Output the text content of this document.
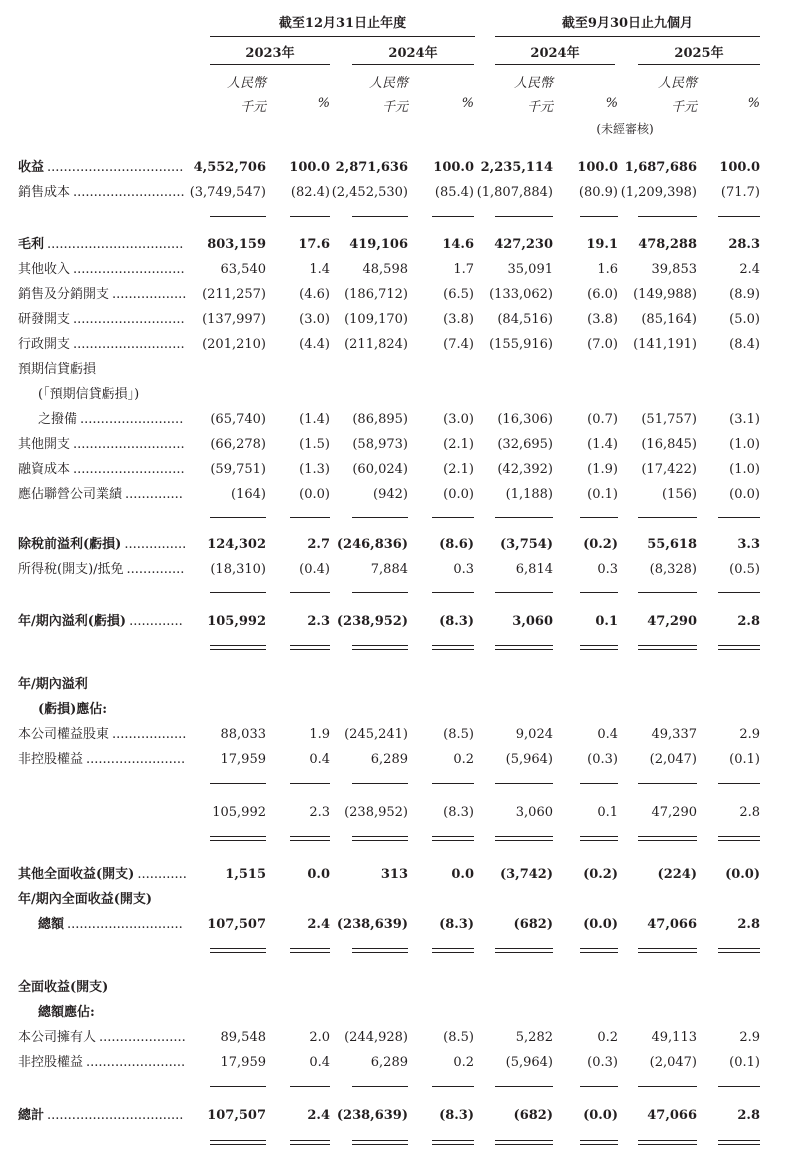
截至12月31日止年度	截至9月30日止九個月
2023年	2024年	2024年	2025年
人民幣	人民幣	人民幣	人民幣
千元	%	千元	%	千元	%	千元	%
(未經審核)
收益 ................................. 4,552,706	100.0 2,871,636	100.0 2,235,114	100.0 1,687,686	100.0
銷售成本 ........................... (3,749,547)	(82.4) (2,452,530)	(85.4) (1,807,884)	(80.9) (1,209,398)	(71.7)
毛利 .................................	803,159	17.6	419,106	14.6	427,230	19.1	478,288	28.3
其他收入 ...........................	63,540	1.4	48,598	1.7	35,091	1.6	39,853	2.4
銷售及分銷開支 ..................	(211,257)	(4.6)	(186,712)	(6.5)	(133,062)	(6.0)	(149,988)	(8.9)
研發開支 ...........................	(137,997)	(3.0)	(109,170)	(3.8)	(84,516)	(3.8)	(85,164)	(5.0)
行政開支 ...........................	(201,210)	(4.4)	(211,824)	(7.4)	(155,916)	(7.0)	(141,191)	(8.4)
預期信貸虧損
(「預期信貸虧損」)
之撥備 .........................	(65,740)	(1.4)	(86,895)	(3.0)	(16,306)	(0.7)	(51,757)	(3.1)
其他開支 ...........................	(66,278)	(1.5)	(58,973)	(2.1)	(32,695)	(1.4)	(16,845)	(1.0)
融資成本 ...........................	(59,751)	(1.3)	(60,024)	(2.1)	(42,392)	(1.9)	(17,422)	(1.0)
應佔聯營公司業績 ..............	(164)	(0.0)	(942)	(0.0)	(1,188)	(0.1)	(156)	(0.0)
除稅前溢利(虧損) ...............	124,302	2.7 (246,836)	(8.6)	(3,754)	(0.2)	55,618	3.3
所得稅(開支)/抵免 ..............	(18,310)	(0.4)	7,884	0.3	6,814	0.3	(8,328)	(0.5)
年/期內溢利(虧損) .............	105,992	2.3 (238,952)	(8.3)	3,060	0.1	47,290	2.8
年/期內溢利
(虧損)應佔:
本公司權益股東 ..................	88,033	1.9	(245,241)	(8.5)	9,024	0.4	49,337	2.9
非控股權益 ........................	17,959	0.4	6,289	0.2	(5,964)	(0.3)	(2,047)	(0.1)
105,992	2.3	(238,952)	(8.3)	3,060	0.1	47,290	2.8
其他全面收益(開支) ............	1,515	0.0	313	0.0	(3,742)	(0.2)	(224)	(0.0)
年/期內全面收益(開支)
總額 ............................	107,507	2.4 (238,639)	(8.3)	(682)	(0.0)	47,066	2.8
全面收益(開支)
總額應佔:
本公司擁有人 .....................	89,548	2.0	(244,928)	(8.5)	5,282	0.2	49,113	2.9
非控股權益 ........................	17,959	0.4	6,289	0.2	(5,964)	(0.3)	(2,047)	(0.1)
總計 .................................	107,507	2.4 (238,639)	(8.3)	(682)	(0.0)	47,066	2.8
